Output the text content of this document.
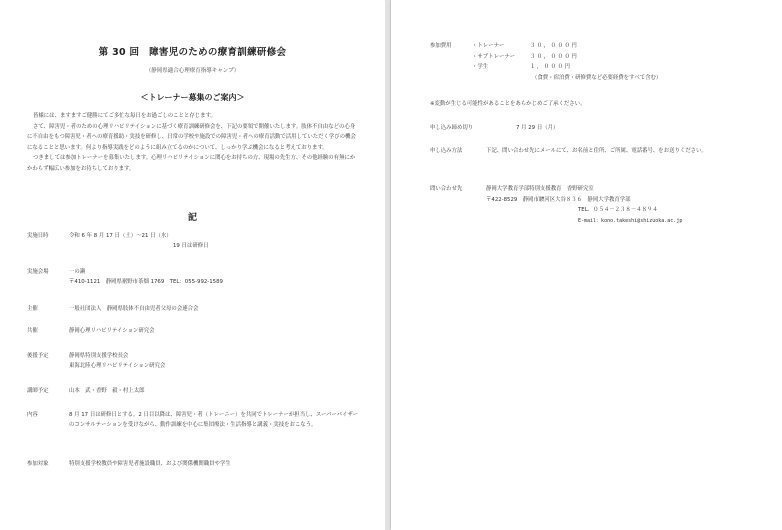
第 30 回　障害児のための療育訓練研修会
（静岡県適合心理療育指導キャンプ）
＜トレーナー募集のご案内＞

皆様には、ますますご健勝にてご多忙な毎日をお過ごしのことと存じます。

さて、障害児・者のための心理リハビリテイションに基づく療育訓練研修会を、下記の要領で開催いたします。肢体不自由などの心身に不自由をもつ障害児・者への療育援助・実技を研修し、日常の学校や施設での障害児・者への療育活動で活用していただく学びの機会になることと思います。何より指導実践をどのように組み立てるのかについて、しっかり学ぶ機会になると考えております。

つきましては参加トレーナーを募集いたします。心理リハビリテイションに関心をお持ちの方、現場の先生方、その他経験の有無にかかわらず幅広い参加をお待ちしております。

記
実施日時	令和 6 年 8 月 17 日（土）～21 日（水）
19 日は研修日
実施会場	一の瀬
〒410-1121　静岡県裾野市茶畑 1769　TEL：055-992-1589
主催	一般社団法人　静岡県肢体不自由児者父母の会連合会
共催	静岡心理リハビリテイション研究会
後援予定	静岡県特別支援学校長会
東海北陸心理リハビリテイション研究会
講師予定	山本　武・香野　毅・村上太郎
内容	8 月 17 日は研修日とする。2 日目以降は、障害児・者（トレーニー）を共同でトレーナーが担当し、スーパーバイザーのコンサルテーションを受けながら、動作訓練を中心に集団療法・生活指導と講義・実技をおこなう。
参加対象	特別支援学校教員や障害児者施設職員、および関係機関職員や学生
参加費用	・トレーナー	３０，０００円
・サブトレーナー	３０，０００円
・学生	１，０００円
（食費・宿泊費・研修費など必要経費をすべて含む）
※変動が生じる可能性があることをあらかじめご了承ください。
申し込み締め切り	7 月 29 日（月）
申し込み方法	下記、問い合わせ先にメールにて、お名前と住所、ご所属、電話番号、をお送りください。
問い合わせ先	静岡大学教育学部特別支援教育　香野研究室
〒422-8529　静岡市駿河区大谷８３６　静岡大学教育学部
TEL．０５４－２３８－４８９４
E-mail：kono.takeshi@shizuoka.ac.jp
